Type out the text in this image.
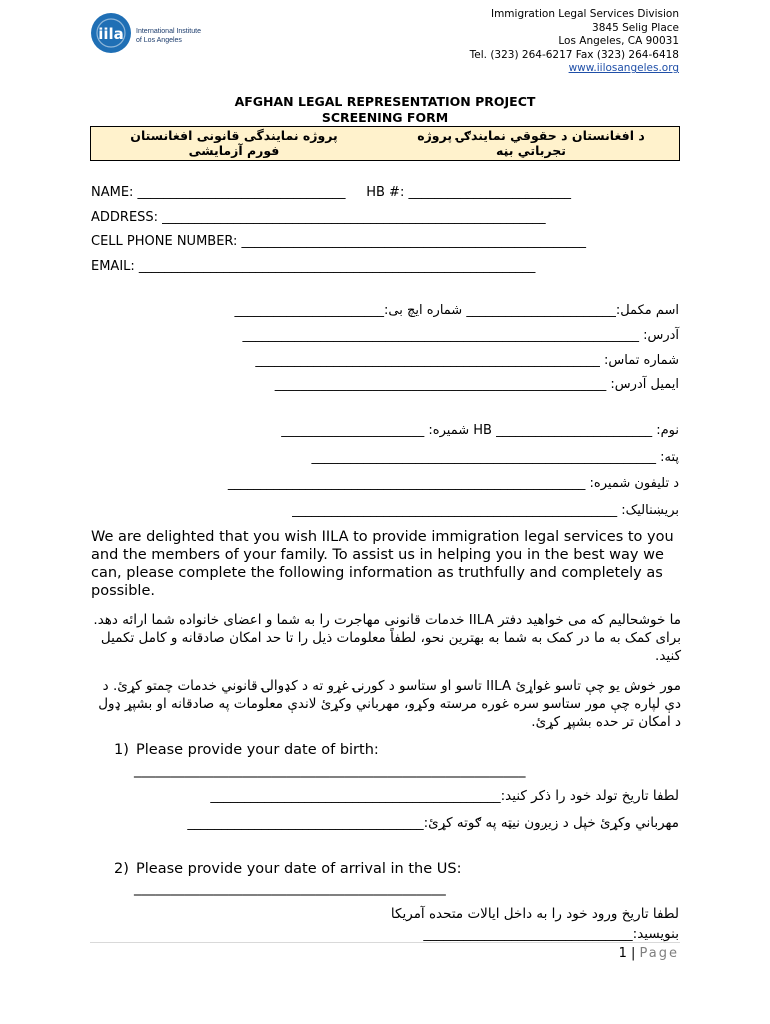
iila International Institute
of Los Angeles
Immigration Legal Services Division
3845 Selig Place
Los Angeles, CA 90031
Tel. (323) 264-6217 Fax (323) 264-6418
www.iilosangeles.org
AFGHAN LEGAL REPRESENTATION PROJECT
SCREENING FORM
پروژه نمایندگی قانونی افغانستان
فورم آزمایشی
د افغانستان د حقوقي نمایندګۍ پروژه
تجرباتي بڼه
NAME: ________________________________     HB #: _________________________
ADDRESS: ___________________________________________________________
CELL PHONE NUMBER: _____________________________________________________
EMAIL: _____________________________________________________________
اسم مکمل:_______________________ شماره ایچ بی:_______________________
آدرس: _____________________________________________________________
شماره تماس: _____________________________________________________
ایمیل آدرس: ___________________________________________________
نوم: ________________________ HB شمیره: ______________________
پته: _____________________________________________________
د تلیفون شمیره: _______________________________________________________
بریښنالیک: __________________________________________________
We are delighted that you wish IILA to provide immigration legal services to you and the members of your family. To assist us in helping you in the best way we can, please complete the following information as truthfully and completely as possible.
ما خوشحالیم که می خواهید دفتر IILA خدمات قانونی مهاجرت را به شما و اعضای خانواده شما ارائه دهد. برای کمک به ما در کمک به شما به بهترین نحو، لطفاً معلومات ذیل را تا حد امکان صادقانه و کامل تکمیل کنید.
مور خوش یو چې تاسو غواړئ IILA تاسو او ستاسو د کورنۍ غړو ته د کډوالۍ قانوني خدمات چمتو کړئ. د دې لپاره چې مور ستاسو سره غوره مرسته وکړو، مهرباني وکړئ لاندې معلومات په صادقانه او بشپړ ډول د امکان تر حده بشپړ کړئ.
1) Please provide your date of birth:
______________________________________________________
لطفا تاریخ تولد خود را ذکر کنید:___________________________________________
مهرباني وکړئ خپل د زیږون نیټه په ګوته کړئ:___________________________________
2) Please provide your date of arrival in the US:
___________________________________________
لطفا تاریخ ورود خود را به داخل ایالات متحده آمریکا
بنویسید:_______________________________
1 | Page
